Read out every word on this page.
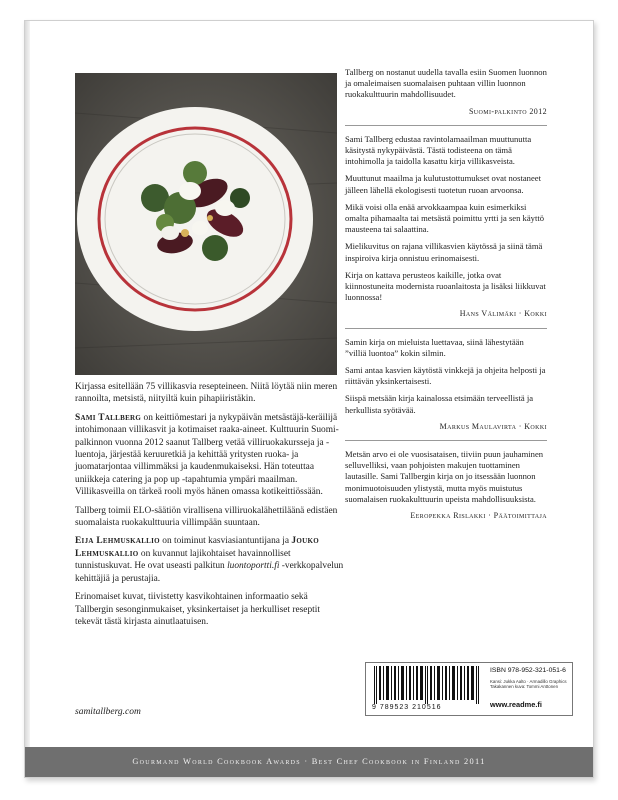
Kirjassa esitellään 75 villikasvia resepteineen. Niitä löytää niin meren rannoilta, metsistä, niityiltä kuin pihapiiristäkin.

Sami Tallberg on keittiömestari ja nykypäivän metsästäjä-keräilijä intohimonaan villikasvit ja kotimaiset raaka-aineet. Kulttuurin Suomi-palkinnon vuonna 2012 saanut Tallberg vetää villiruokakursseja ja -luentoja, järjestää keruuretkiä ja kehittää yritysten ruoka- ja juomatarjontaa villimmäksi ja kaudenmukaiseksi. Hän toteuttaa uniikkeja catering ja pop up -tapahtumia ympäri maailman. Villikasveilla on tärkeä rooli myös hänen omassa kotikeittiössään.

Tallberg toimii ELO-säätiön virallisena villiruokalähettiläänä edistäen suomalaista ruokakulttuuria villimpään suuntaan.

Eija Lehmuskallio on toiminut kasviasiantuntijana ja Jouko Lehmuskallio on kuvannut lajikohtaiset havainnolliset tunnistuskuvat. He ovat useasti palkitun luontoportti.fi -verkkopalvelun kehittäjiä ja perustajia.

Erinomaiset kuvat, tiivistetty kasvikohtainen informaatio sekä Tallbergin sesonginmukaiset, yksinkertaiset ja herkulliset reseptit tekevät tästä kirjasta ainutlaatuisen.

samitallberg.com

Tallberg on nostanut uudella tavalla esiin Suomen luonnon ja omaleimaisen suomalaisen puhtaan villin luonnon ruokakulttuurin mahdollisuudet.

Suomi-palkinto 2012

Sami Tallberg edustaa ravintolamaailman muuttunutta käsitystä nykypäivästä. Tästä todisteena on tämä intohimolla ja taidolla kasattu kirja villikasveista.

Muuttunut maailma ja kulutustottumukset ovat nostaneet jälleen lähellä ekologisesti tuotetun ruoan arvoonsa.

Mikä voisi olla enää arvokkaampaa kuin esimerkiksi omalta pihamaalta tai metsästä poimittu yrtti ja sen käyttö mausteena tai salaattina.

Mielikuvitus on rajana villikasvien käytössä ja siinä tämä inspiroiva kirja onnistuu erinomaisesti.

Kirja on kattava perusteos kaikille, jotka ovat kiinnostuneita modernista ruoanlaitosta ja lisäksi liikkuvat luonnossa!

Hans Välimäki · Kokki

Samin kirja on mieluista luettavaa, siinä lähestytään ”villiä luontoa” kokin silmin.

Sami antaa kasvien käytöstä vinkkejä ja ohjeita helposti ja riittävän yksinkertaisesti.

Siispä metsään kirja kainalossa etsimään terveellistä ja herkullista syötävää.

Markus Maulavirta · Kokki

Metsän arvo ei ole vuosisataisen, tiiviin puun jauhaminen selluvelliksi, vaan pohjoisten makujen tuottaminen lautasille. Sami Tallbergin kirja on jo itsessään luonnon monimuotoisuuden ylistystä, mutta myös muistutus suomalaisen ruokakulttuurin upeista mahdollisuuksista.

Eeropekka Rislakki · Päätoimittaja
9 789523 210516
ISBN 978-952-321-051-6
Kansi: Jukka Aalto · Armadillo Graphics Takakannen kuva: Tommi Anttonen
www.readme.fi
Gourmand World Cookbook Awards · Best Chef Cookbook in Finland 2011
